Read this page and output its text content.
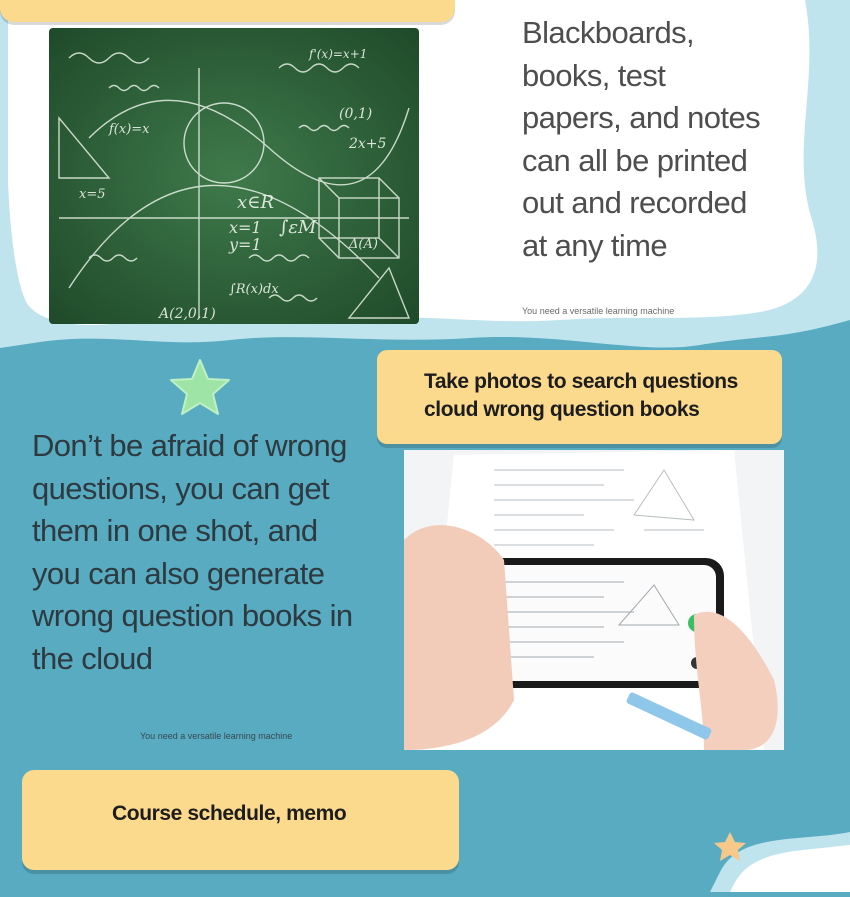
x∈R
x=1
y=1
∫εM
(0,1)
2x+5
f(x)=x
x=5
f'(x)=x+1
Δ(A)
∫R(x)dx
A(2,0,1)
Blackboards, books, test papers, and notes can all be printed out and recorded at any time
You need a versatile learning machine
Take photos to search questions cloud wrong question books
Don’t be afraid of wrong questions, you can get them in one shot, and you can also generate wrong question books in the cloud
You need a versatile learning machine
Course schedule, memo
